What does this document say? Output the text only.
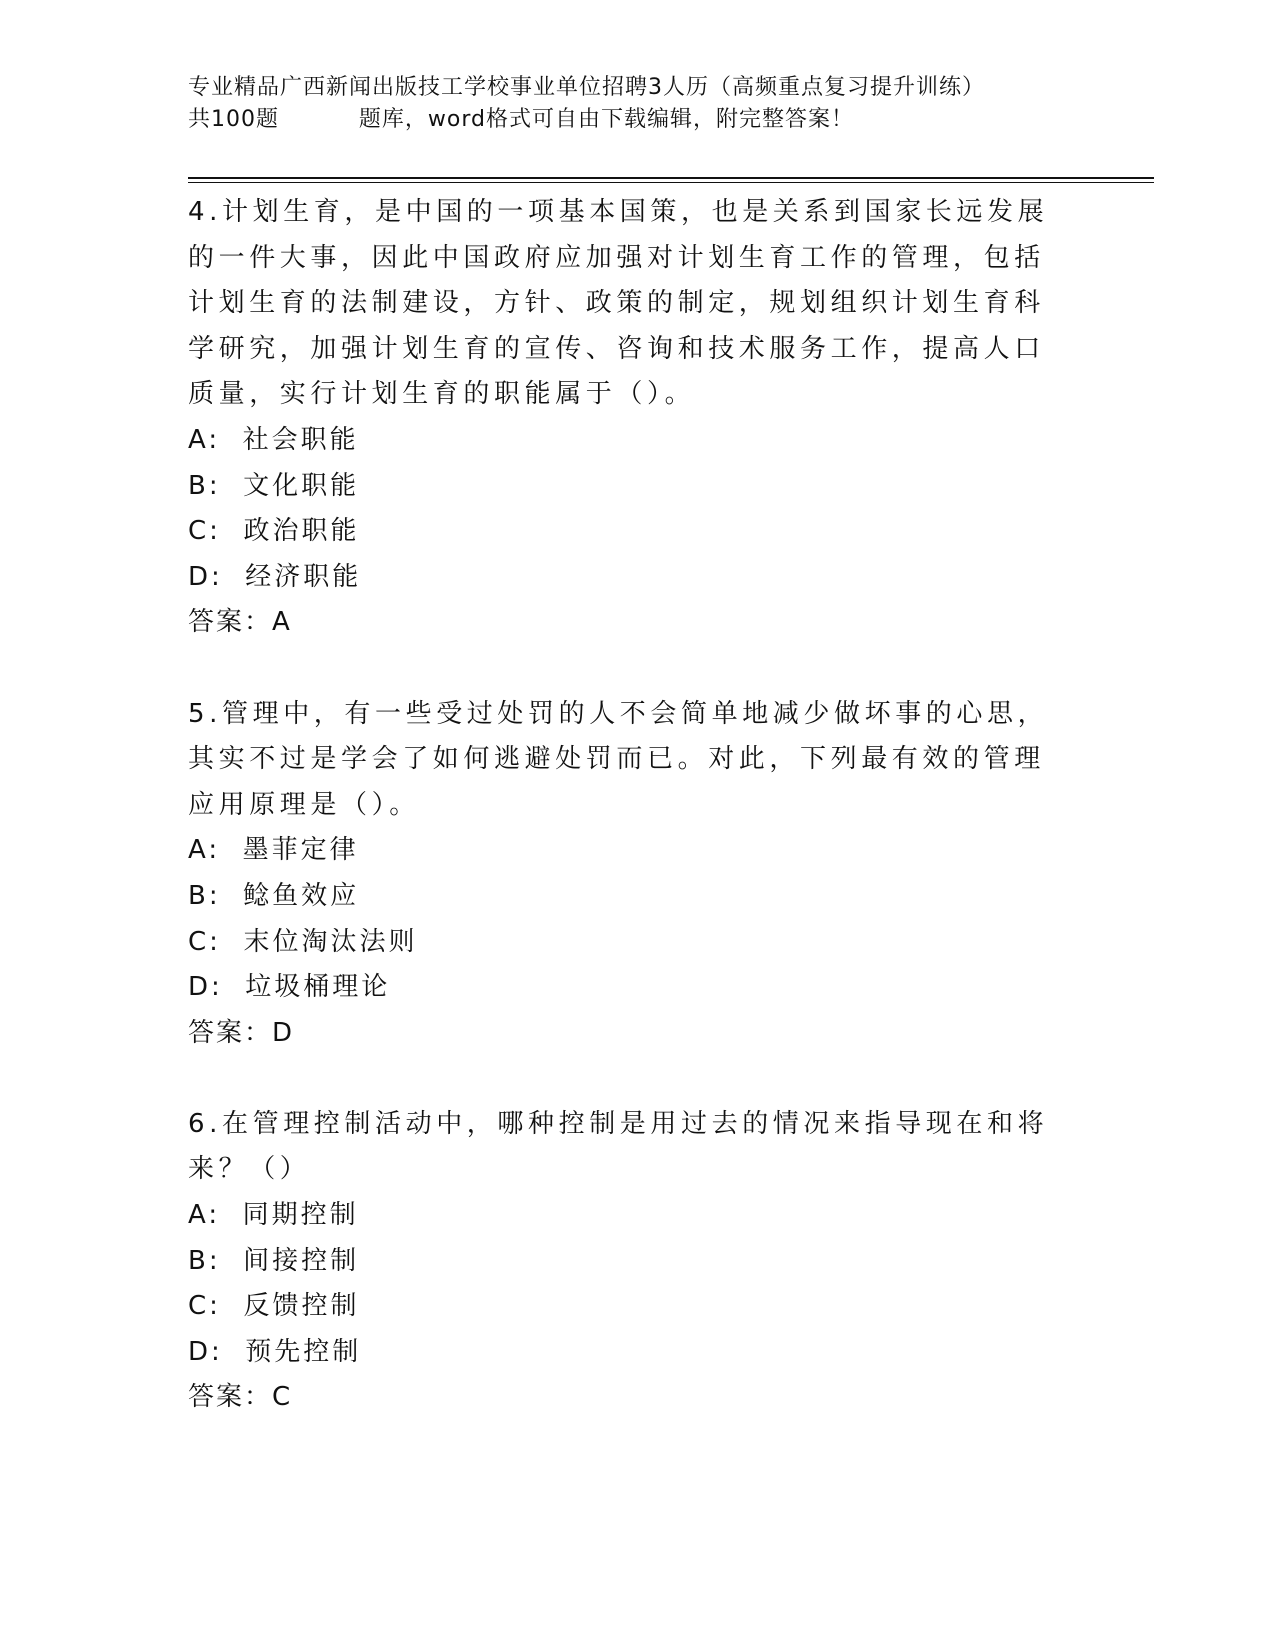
专业精品广西新闻出版技工学校事业单位招聘3人历（高频重点复习提升训练）
共100题          题库，word格式可自由下载编辑，附完整答案！

4.计划生育，是中国的一项基本国策，也是关系到国家长远发展的一件大事，因此中国政府应加强对计划生育工作的管理，包括计划生育的法制建设，方针、政策的制定，规划组织计划生育科学研究，加强计划生育的宣传、咨询和技术服务工作，提高人口质量，实行计划生育的职能属于（）。

A:  社会职能

B:  文化职能

C:  政治职能

D:  经济职能

答案：A

5.管理中，有一些受过处罚的人不会简单地减少做坏事的心思，其实不过是学会了如何逃避处罚而已。对此，下列最有效的管理应用原理是（）。

A:  墨菲定律

B:  鲶鱼效应

C:  末位淘汰法则

D:  垃圾桶理论

答案：D

6.在管理控制活动中，哪种控制是用过去的情况来指导现在和将来？（）

A:  同期控制

B:  间接控制

C:  反馈控制

D:  预先控制

答案：C
